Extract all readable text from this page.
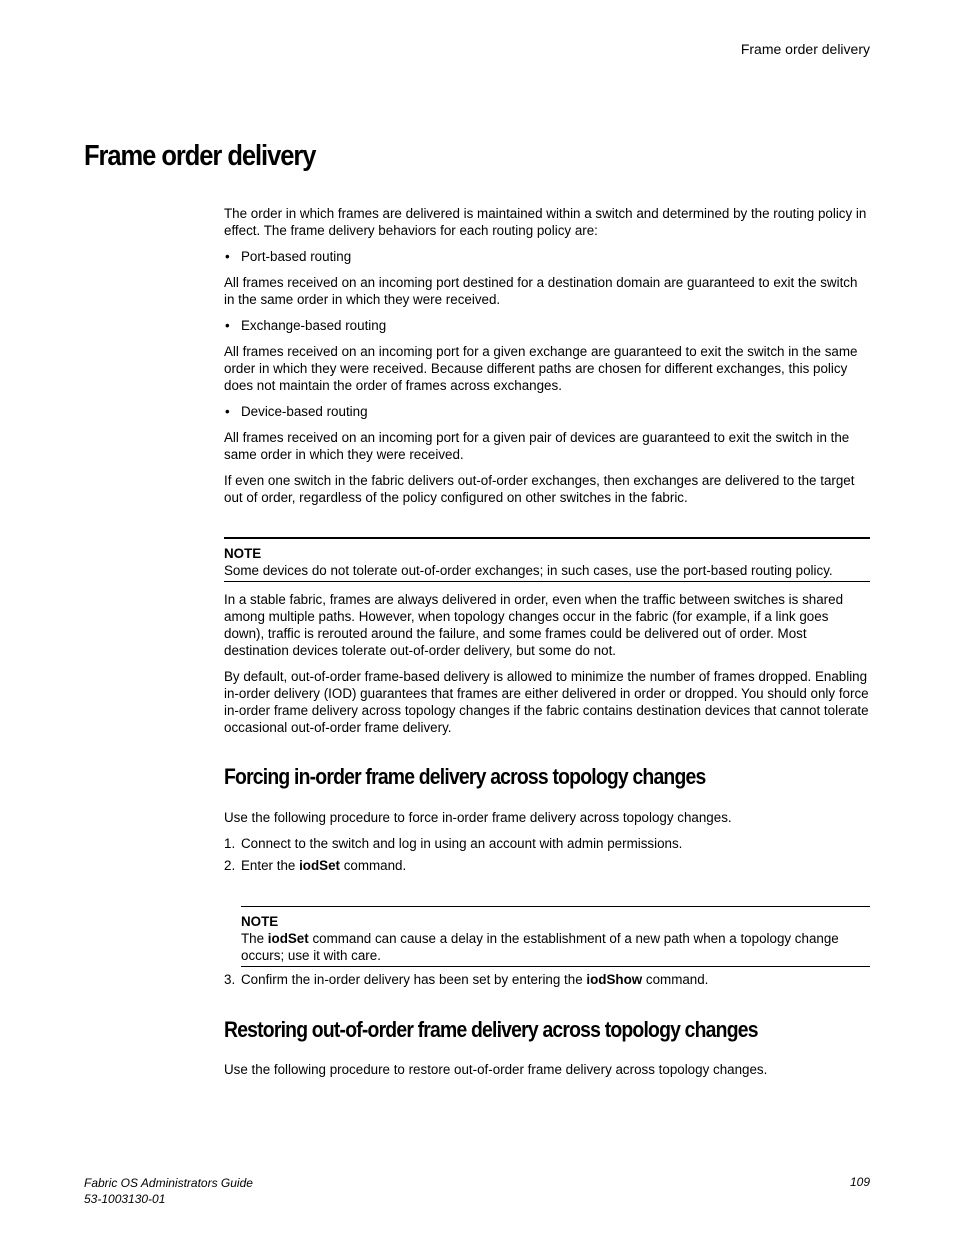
Frame order delivery
Frame order delivery

The order in which frames are delivered is maintained within a switch and determined by the routing policy in effect. The frame delivery behaviors for each routing policy are:

• Port-based routing

All frames received on an incoming port destined for a destination domain are guaranteed to exit the switch in the same order in which they were received.

• Exchange-based routing

All frames received on an incoming port for a given exchange are guaranteed to exit the switch in the same order in which they were received. Because different paths are chosen for different exchanges, this policy does not maintain the order of frames across exchanges.

• Device-based routing

All frames received on an incoming port for a given pair of devices are guaranteed to exit the switch in the same order in which they were received.

If even one switch in the fabric delivers out-of-order exchanges, then exchanges are delivered to the target out of order, regardless of the policy configured on other switches in the fabric.

NOTE
Some devices do not tolerate out-of-order exchanges; in such cases, use the port-based routing policy.

In a stable fabric, frames are always delivered in order, even when the traffic between switches is shared among multiple paths. However, when topology changes occur in the fabric (for example, if a link goes down), traffic is rerouted around the failure, and some frames could be delivered out of order. Most destination devices tolerate out-of-order delivery, but some do not.

By default, out-of-order frame-based delivery is allowed to minimize the number of frames dropped. Enabling in-order delivery (IOD) guarantees that frames are either delivered in order or dropped. You should only force in-order frame delivery across topology changes if the fabric contains destination devices that cannot tolerate occasional out-of-order frame delivery.

Forcing in-order frame delivery across topology changes

Use the following procedure to force in-order frame delivery across topology changes.

1. Connect to the switch and log in using an account with admin permissions.

2. Enter the iodSet command.

NOTE
The iodSet command can cause a delay in the establishment of a new path when a topology change occurs; use it with care.

3. Confirm the in-order delivery has been set by entering the iodShow command.

Restoring out-of-order frame delivery across topology changes

Use the following procedure to restore out-of-order frame delivery across topology changes.

Fabric OS Administrators Guide
53-1003130-01
109
